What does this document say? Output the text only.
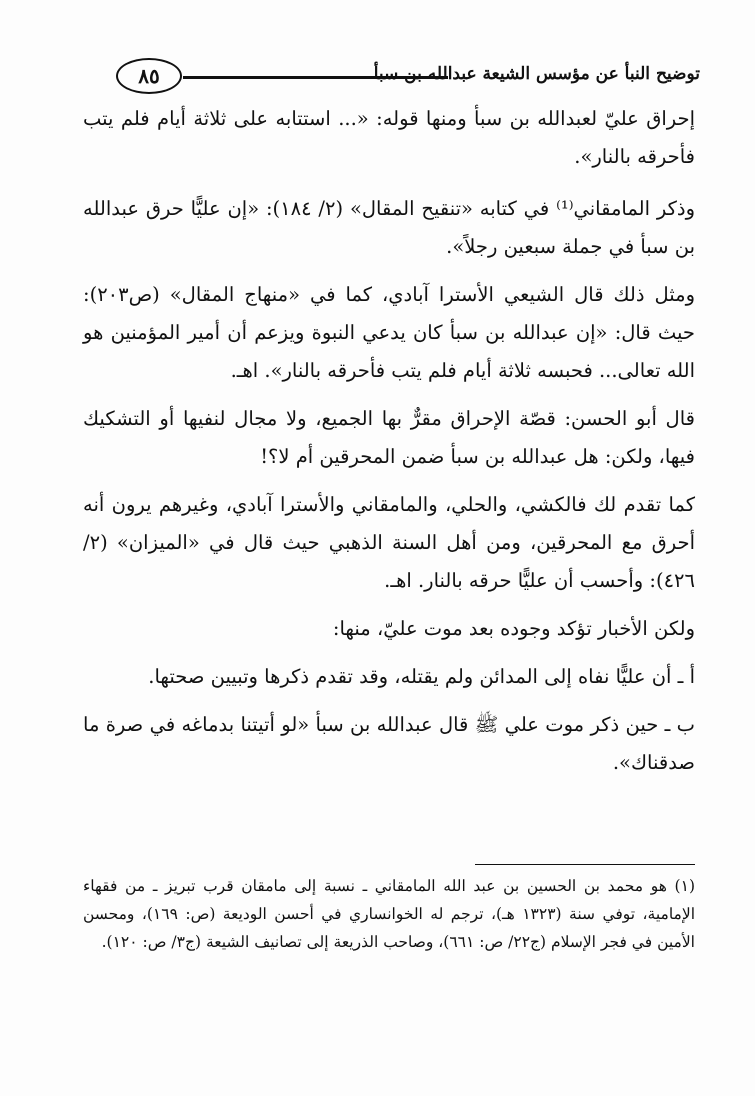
توضيح النبأ عن مؤسس الشيعة عبدالله بن سبأ
٨٥

إحراق عليّ لعبدالله بن سبأ ومنها قوله: «... استتابه على ثلاثة أيام فلم يتب فأحرقه بالنار».

وذكر المامقاني⁽¹⁾ في كتابه «تنقيح المقال» (٢/ ١٨٤): «إن عليًّا حرق عبدالله بن سبأ في جملة سبعين رجلاً».

ومثل ذلك قال الشيعي الأسترا آبادي، كما في «منهاج المقال» (ص٢٠٣): حيث قال: «إن عبدالله بن سبأ كان يدعي النبوة ويزعم أن أمير المؤمنين هو الله تعالى... فحبسه ثلاثة أيام فلم يتب فأحرقه بالنار». اهـ.

قال أبو الحسن: قصّة الإحراق مقرٌّ بها الجميع، ولا مجال لنفيها أو التشكيك فيها، ولكن: هل عبدالله بن سبأ ضمن المحرقين أم لا؟!

كما تقدم لك فالكشي، والحلي، والمامقاني والأسترا آبادي، وغيرهم يرون أنه أحرق مع المحرقين، ومن أهل السنة الذهبي حيث قال في «الميزان» (٢/ ٤٢٦): وأحسب أن عليًّا حرقه بالنار. اهـ.

ولكن الأخبار تؤكد وجوده بعد موت عليّ، منها:

أ ـ أن عليًّا نفاه إلى المدائن ولم يقتله، وقد تقدم ذكرها وتبيين صحتها.

ب ـ حين ذكر موت علي ﷺ قال عبدالله بن سبأ «لو أتيتنا بدماغه في صرة ما صدقناك».

(١) هو محمد بن الحسين بن عبد الله المامقاني ـ نسبة إلى مامقان قرب تبريز ـ من فقهاء الإمامية، توفي سنة (١٣٢٣ هـ)، ترجم له الخوانساري في أحسن الوديعة (ص: ١٦٩)، ومحسن الأمين في فجر الإسلام (ج٢٢/ ص: ٦٦١)، وصاحب الذريعة إلى تصانيف الشيعة (ج٣/ ص: ١٢٠).
